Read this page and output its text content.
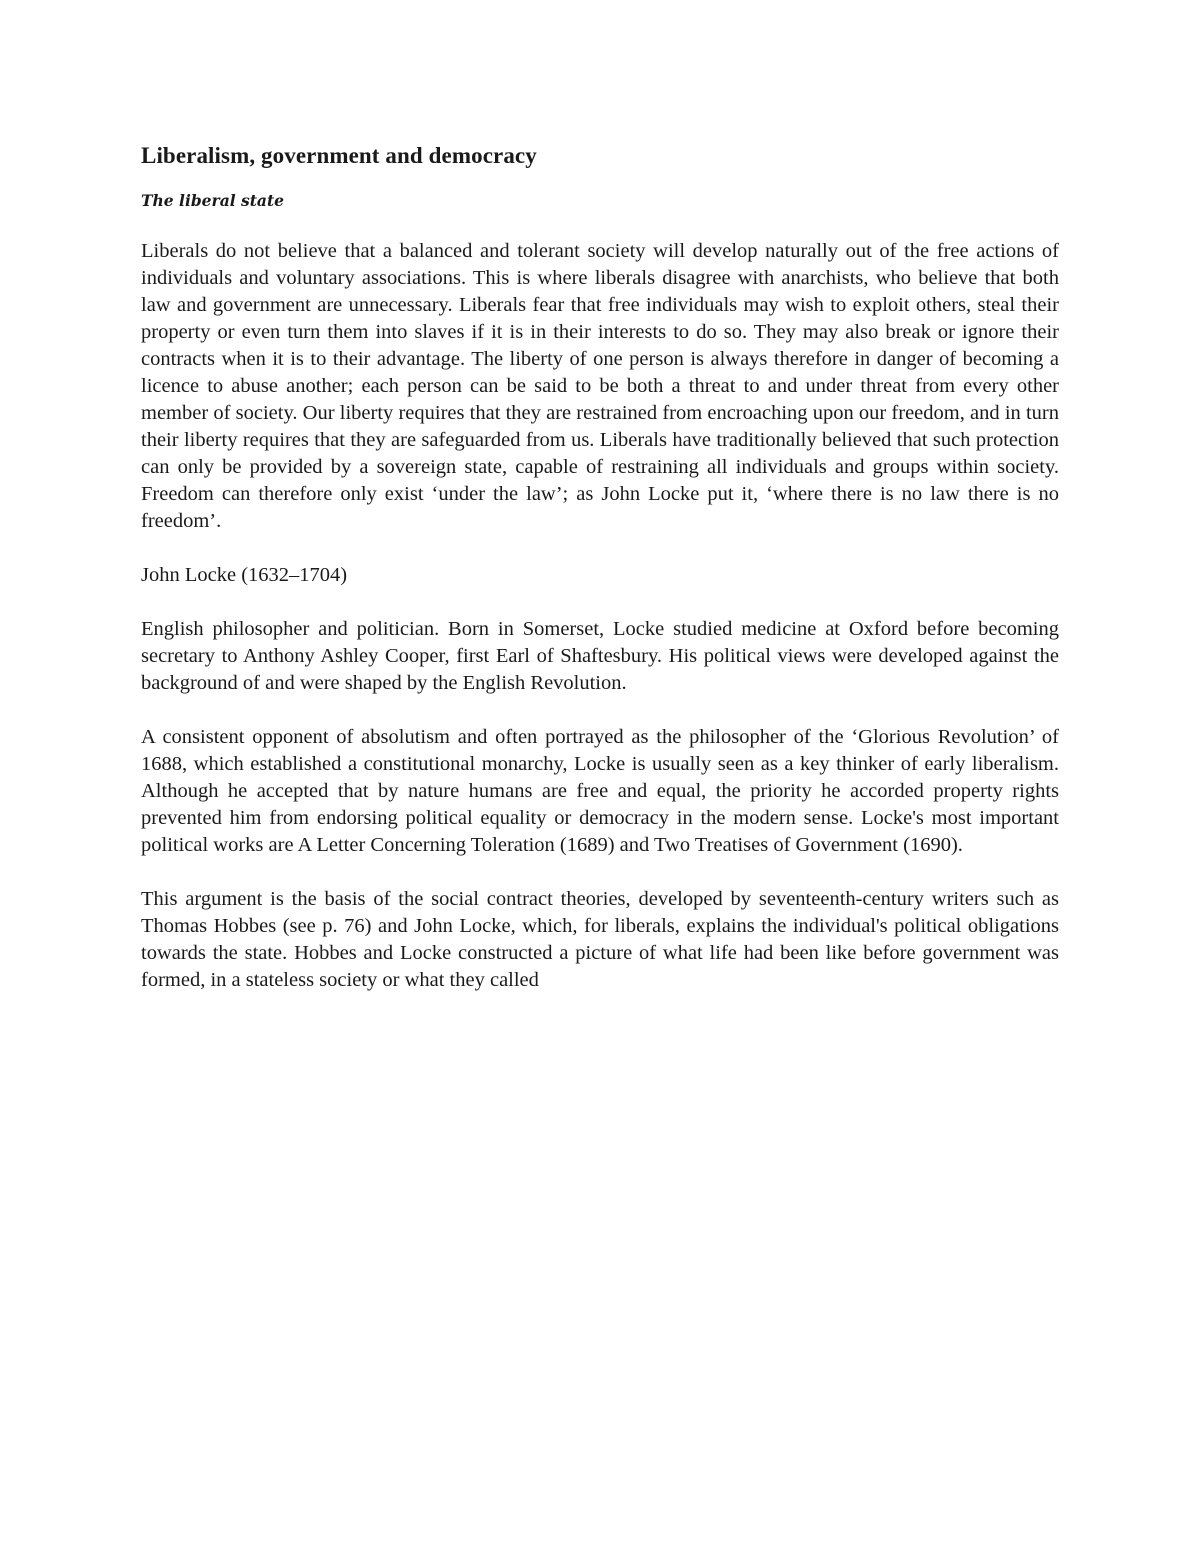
Liberalism, government and democracy
The liberal state

Liberals do not believe that a balanced and tolerant society will develop naturally out of the free actions of individuals and voluntary associations. This is where liberals disagree with anarchists, who believe that both law and government are unnecessary. Liberals fear that free individuals may wish to exploit others, steal their property or even turn them into slaves if it is in their interests to do so. They may also break or ignore their contracts when it is to their advantage. The liberty of one person is always therefore in danger of becoming a licence to abuse another; each person can be said to be both a threat to and under threat from every other member of society. Our liberty requires that they are restrained from encroaching upon our freedom, and in turn their liberty requires that they are safeguarded from us. Liberals have traditionally believed that such protection can only be provided by a sovereign state, capable of restraining all individuals and groups within society. Freedom can therefore only exist ‘under the law’; as John Locke put it, ‘where there is no law there is no freedom’.

John Locke (1632–1704)

English philosopher and politician. Born in Somerset, Locke studied medicine at Oxford before becoming secretary to Anthony Ashley Cooper, first Earl of Shaftesbury. His political views were developed against the background of and were shaped by the English Revolution.

A consistent opponent of absolutism and often portrayed as the philosopher of the ‘Glorious Revolution’ of 1688, which established a constitutional monarchy, Locke is usually seen as a key thinker of early liberalism. Although he accepted that by nature humans are free and equal, the priority he accorded property rights prevented him from endorsing political equality or democracy in the modern sense. Locke's most important political works are A Letter Concerning Toleration (1689) and Two Treatises of Government (1690).

This argument is the basis of the social contract theories, developed by seventeenth-century writers such as Thomas Hobbes (see p. 76) and John Locke, which, for liberals, explains the individual's political obligations towards the state. Hobbes and Locke constructed a picture of what life had been like before government was formed, in a stateless society or what they called
